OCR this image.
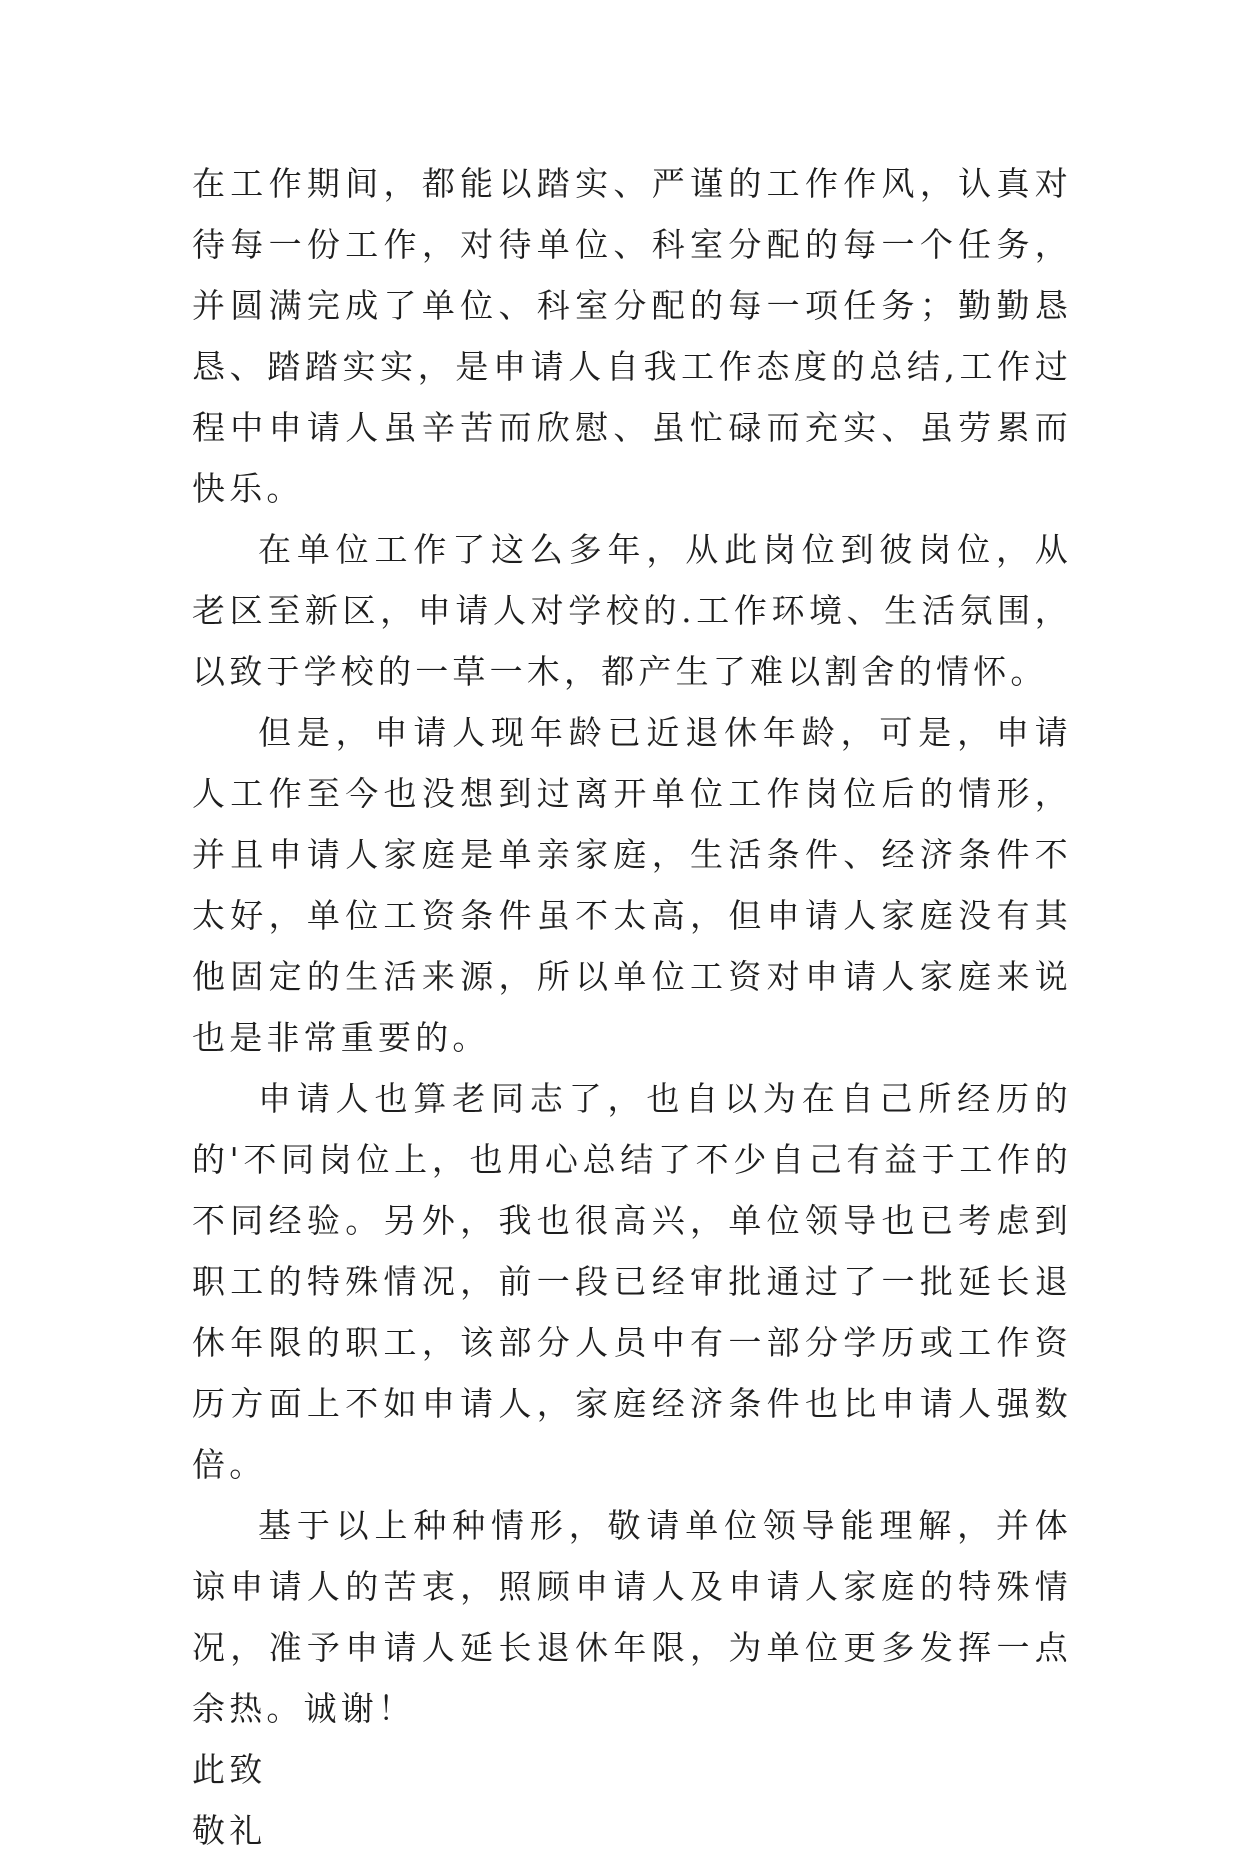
在工作期间，都能以踏实、严谨的工作作风，认真对待每一份工作，对待单位、科室分配的每一个任务，并圆满完成了单位、科室分配的每一项任务；勤勤恳恳、踏踏实实，是申请人自我工作态度的总结,工作过程中申请人虽辛苦而欣慰、虽忙碌而充实、虽劳累而快乐。

在单位工作了这么多年，从此岗位到彼岗位，从老区至新区，申请人对学校的.工作环境、生活氛围，以致于学校的一草一木，都产生了难以割舍的情怀。

但是，申请人现年龄已近退休年龄，可是，申请人工作至今也没想到过离开单位工作岗位后的情形，并且申请人家庭是单亲家庭，生活条件、经济条件不太好，单位工资条件虽不太高，但申请人家庭没有其他固定的生活来源，所以单位工资对申请人家庭来说也是非常重要的。

申请人也算老同志了，也自以为在自己所经历的的'不同岗位上，也用心总结了不少自己有益于工作的不同经验。另外，我也很高兴，单位领导也已考虑到职工的特殊情况，前一段已经审批通过了一批延长退休年限的职工，该部分人员中有一部分学历或工作资历方面上不如申请人，家庭经济条件也比申请人强数倍。

基于以上种种情形，敬请单位领导能理解，并体谅申请人的苦衷，照顾申请人及申请人家庭的特殊情况，准予申请人延长退休年限，为单位更多发挥一点余热。诚谢！

此致

敬礼
